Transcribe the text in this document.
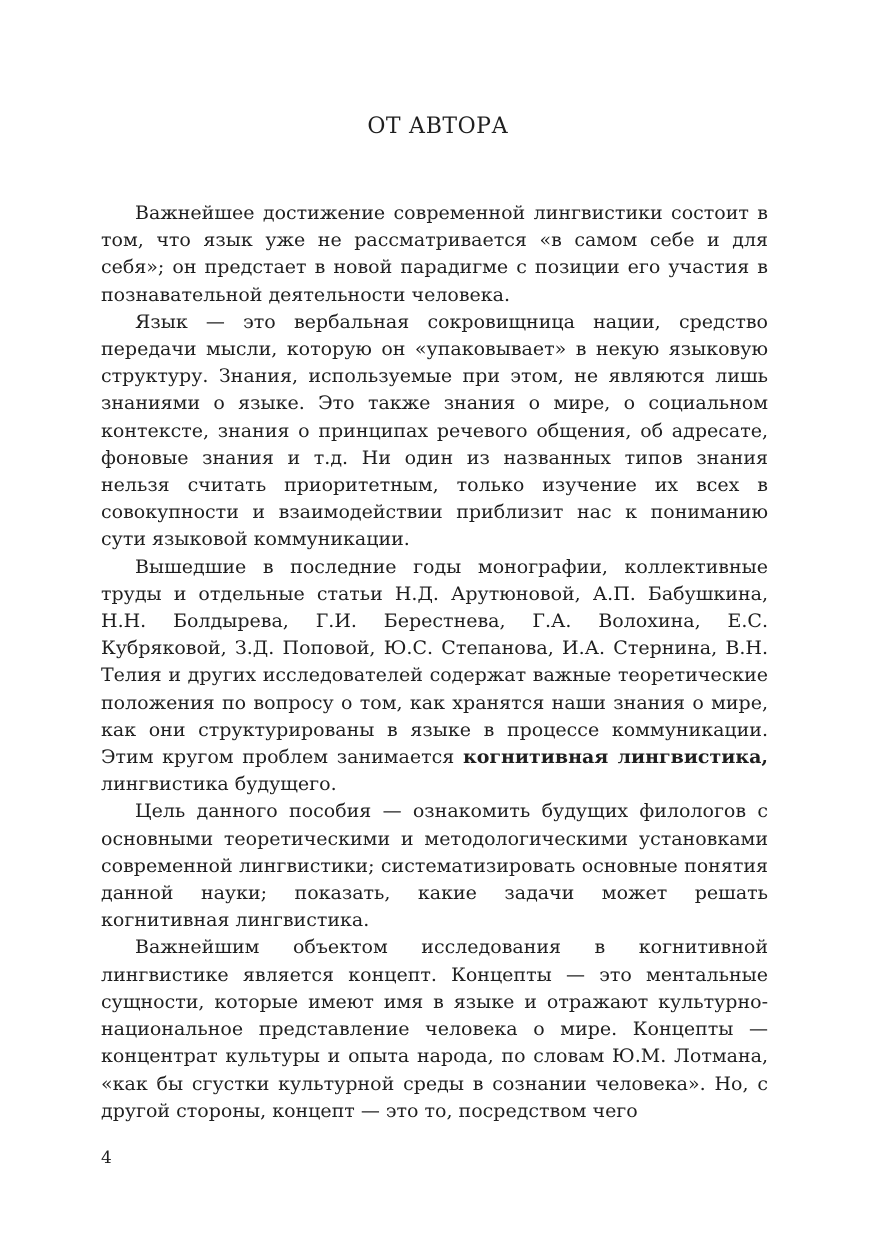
ОТ АВТОРА

Важнейшее достижение современной лингвистики состоит в том, что язык уже не рассматривается «в самом себе и для себя»; он предстает в новой парадигме с позиции его участия в познавательной деятельности человека.

Язык — это вербальная сокровищница нации, средство передачи мысли, которую он «упаковывает» в некую языковую структуру. Знания, используемые при этом, не являются лишь знаниями о языке. Это также знания о мире, о социальном контексте, знания о принципах речевого общения, об адресате, фоновые знания и т.д. Ни один из названных типов знания нельзя считать приоритетным, только изучение их всех в совокупности и взаимодействии приблизит нас к пониманию сути языковой коммуникации.

Вышедшие в последние годы монографии, коллективные труды и отдельные статьи Н.Д. Арутюновой, А.П. Бабушкина, Н.Н. Болдырева, Г.И. Берестнева, Г.А. Волохина, Е.С. Кубряковой, З.Д. Поповой, Ю.С. Степанова, И.А. Стернина, В.Н. Телия и других исследователей содержат важные теоретические положения по вопросу о том, как хранятся наши знания о мире, как они структурированы в языке в процессе коммуникации. Этим кругом проблем занимается когнитивная лингвистика, лингвистика будущего.

Цель данного пособия — ознакомить будущих филологов с основными теоретическими и методологическими установками современной лингвистики; систематизировать основные понятия данной науки; показать, какие задачи может решать когнитивная лингвистика.

Важнейшим объектом исследования в когнитивной лингвистике является концепт. Концепты — это ментальные сущности, которые имеют имя в языке и отражают культурно-национальное представление человека о мире. Концепты — концентрат культуры и опыта народа, по словам Ю.М. Лотмана, «как бы сгустки культурной среды в сознании человека». Но, с другой стороны, концепт — это то, посредством чего

4
